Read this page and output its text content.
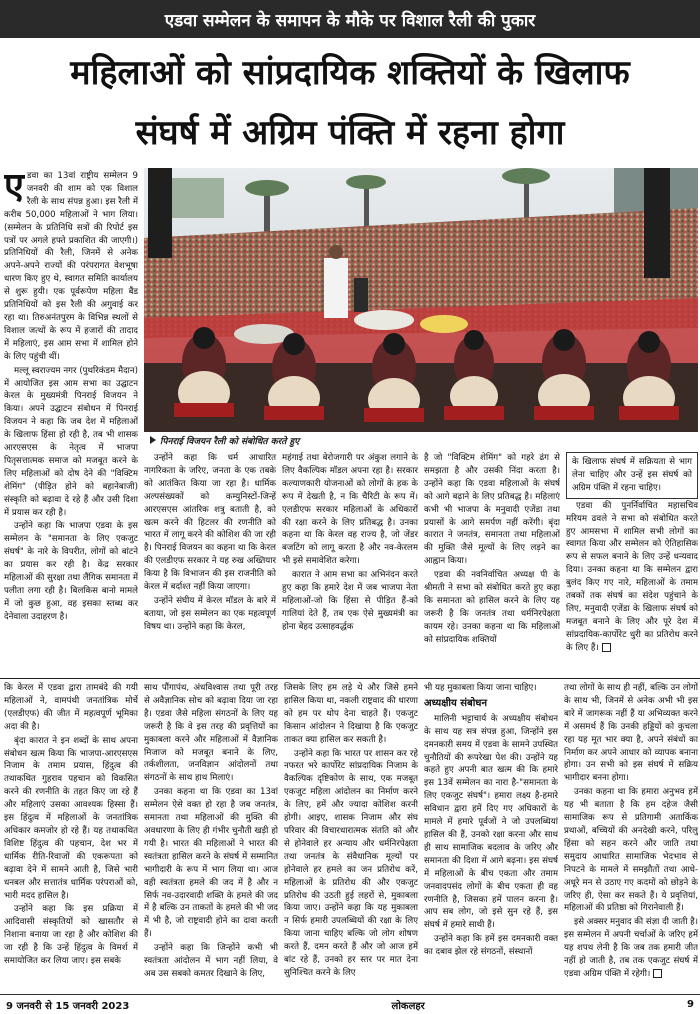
एडवा सम्मेलन के समापन के मौके पर विशाल रैली की पुकार
महिलाओं को सांप्रदायिक शक्तियों के खिलाफ
संघर्ष में अग्रिम पंक्ति में रहना होगा

एडवा का 13वां राष्ट्रीय सम्मेलन 9 जनवरी की शाम को एक विशाल रैली के साथ संपन्न हुआ। इस रैली में करीब 50,000 महिलाओं ने भाग लिया। (सम्मेलन के प्रतिनिधि सत्रों की रिपोर्ट इस पत्रों पर अगले हफ्ते प्रकाशित की जाएगी।) प्रतिनिधियों की रैली, जिनमें से अनेक अपने-अपने राज्यों की परंपरागत वेशभूषा धारण किए हुए थे, स्वागत समिति कार्यालय से शुरू हुयी। एक पूर्वरूपेण महिला बैंड प्रतिनिधियों को इस रैली की अगुवाई कर रहा था। तिरुअनंतपुरम के विभिन्न स्थलों से विशाल जत्थों के रूप में हजारों की तादाद में महिलाएं, इस आम सभा में शामिल होने के लिए पहुंची थीं।

मल्लू स्वराज्यम नगर (पुथरिकंडम मैदान) में आयोजित इस आम सभा का उद्घाटन केरल के मुख्यमंत्री पिनराई विजयन ने किया। अपने उद्घाटन संबोधन में पिनराई विजयन ने कहा कि जब देश में महिलाओं के खिलाफ हिंसा हो रही है, तब भी शासक आरएसएस के नेतृत्व में भाजपा पितृसत्तात्मक समाज को मजबूत करने के लिए महिलाओं को दोष देने की "विक्टिम शेमिंग" (पीड़ित होने को बहानेबाजी) संस्कृति को बढ़ावा दे रहे हैं और उसी दिशा में प्रयास कर रही है।

उन्होंने कहा कि भाजपा एडवा के इस सम्मेलन के "समानता के लिए एकजुट संघर्ष" के नारे के विपरीत, लोगों को बांटने का प्रयास कर रही है। केंद्र सरकार महिलाओं की सुरक्षा तथा लैंगिक समानता में पलीता लगा रही है। बिलकिस बानो मामले में जो कुछ हुआ, वह इसका स्तब्ध कर देनेवाला उदाहरण है।

पिनराई विजयन रैली को संबोधित करते हुए

उन्होंने कहा कि धर्म आधारित नागरिकता के जरिए, जनता के एक तबके को आतंकित किया जा रहा है। धार्मिक अल्पसंख्यकों को कम्युनिस्टों-जिन्हें आरएसएस आंतरिक शत्रु बताती है, को खत्म करने की हिटलर की रणनीति को भारत में लागू करने की कोशिश की जा रही है। पिनराई विजयन का कहना था कि केरल की एलडीएफ सरकार ने यह रुख अख्तियार किया है कि विभाजन की इस राजनीति को केरल में बर्दाश्त नहीं किया जाएगा।

उन्होंने संघीय में केरल मॉडल के बारे में बताया, जो इस सम्मेलन का एक महत्वपूर्ण विषय था। उन्होंने कहा कि केरल,

महंगाई तथा बेरोजगारी पर अंकुश लगाने के लिए वैकल्पिक मॉडल अपना रहा है। सरकार कल्याणकारी योजनाओं को लोगों के हक के रूप में देखती है, न कि चैरिटी के रूप में। एलडीएफ सरकार महिलाओं के अधिकारों की रक्षा करने के लिए प्रतिबद्ध है। उनका कहना था कि केरल वह राज्य है, जो जेंडर बजटिंग को लागू करता है और नव-केरलम भी इसे समावेशित करेगा।

कारात ने आम सभा का अभिनंदन करते हुए कहा कि हमारे देश में जब भाजपा नेता महिलाओं-जो कि हिंसा से पीड़ित हैं-को गालियां देते हैं, तब एक ऐसे मुख्यमंत्री का होना बेहद उत्साहवर्द्धक

है जो "विक्टिम शेमिंग" को गहरे ढंग से समझता है और उसकी निंदा करता है। उन्होंने कहा कि एडवा महिलाओं के संघर्ष को आगे बढ़ाने के लिए प्रतिबद्ध है। महिलाएं कभी भी भाजपा के मनुवादी एजेंडा तथा प्रयासों के आगे समर्पण नहीं करेंगी। बृंदा कारात ने जनतंत्र, समानता तथा महिलाओं की मुक्ति जैसे मूल्यों के लिए लड़ने का आह्वान किया।

एडवा की नवनिर्वाचित अध्यक्ष पी के श्रीमती ने सभा को संबोधित करते हुए कहा कि समानता को हासिल करने के लिए यह जरूरी है कि जनतंत्र तथा धर्मनिरपेक्षता कायम रहे। उनका कहना था कि महिलाओं को सांप्रदायिक शक्तियों

के खिलाफ संघर्ष में सक्रियता से भाग लेना चाहिए और उन्हें इस संघर्ष को अग्रिम पंक्ति में रहना चाहिए।

एडवा की पुनर्निर्वाचित महासचिव मरियम ढवले ने सभा को संबोधित करते हुए आमसभा में शामिल सभी लोगों का स्वागत किया और सम्मेलन को ऐतिहासिक रूप से सफल बनाने के लिए उन्हें धन्यवाद दिया। उनका कहना था कि सम्मेलन द्वारा बुलंद किए गए नारे, महिलाओं के तमाम तबकों तक संघर्ष का संदेश पहुंचाने के लिए, मनुवादी एजेंडा के खिलाफ संघर्ष को मजबूत बनाने के लिए और पूरे देश में सांप्रदायिक-कार्पोरेट धुरी का प्रतिरोध करने के लिए हैं।

कि केरल में एडवा द्वारा तामबंदे की गयी महिलाओं ने, वामपंथी जनतांत्रिक मोर्चे (एलडीएफ) की जीत में महत्वपूर्ण भूमिका अदा की है।

बृंदा कारात ने इन शब्दों के साथ अपना संबोधन खत्म किया कि भाजपा-आरएसएस निजाम के तमाम प्रयास, हिंदुत्व की तथाकथित गुहराव पहचान को विकसित करने की रणनीति के तहत किए जा रहे हैं और महिलाएं उसका आवश्यक हिस्सा हैं। इस हिंदुत्व में महिलाओं के जनतांत्रिक अधिकार कमजोर हो रहे हैं। यह तथाकथित विशिष्ट हिंदुत्व की पहचान, देश भर में धार्मिक रीति-रिवाजों की एकरूपता को बढ़ावा देने में सामने आती है, जिसे भारी धनबल और सत्तातंत्र धार्मिक परंपराओं को, भारी मदद हासिल है।

उन्होंने कहा कि इस प्रक्रिया में आदिवासी संस्कृतियों को खासतौर से निशाना बनाया जा रहा है और कोशिश की जा रही है कि उन्हें हिंदुत्व के विमर्श में समायोजित कर लिया जाए। इस सबके

साथ पौंगापंथ, अंधविश्वास तथा पूरी तरह से अवैज्ञानिक सोच को बढ़ावा दिया जा रहा है। एडवा जैसे महिला संगठनों के लिए यह जरूरी है कि वे इस तरह की प्रवृत्तियों का मुकाबला करने और महिलाओं में वैज्ञानिक मिजाज को मजबूत बनाने के लिए, तर्कशीलता, जनविज्ञान आंदोलनों तथा संगठनों के साथ हाथ मिलाएं।

उनका कहना था कि एडवा का 13वां सम्मेलन ऐसे वक्त हो रहा है जब जनतंत्र, समानता तथा महिलाओं की मुक्ति की अवधारणा के लिए ही गंभीर चुनौती खड़ी हो गयी है। भारत की महिलाओं ने भारत की स्वतंत्रता हासिल करने के संघर्ष में सम्मानित भागीदारी के रूप में भाग लिया था। आज वही स्वतंत्रता हमले की जद में है और न सिर्फ नव-उदारवादी शक्ति के हमले की जद में है बल्कि उन ताकतों के हमले की भी जद में भी है, जो राष्ट्रवादी होने का दावा करती हैं।

उन्होंने कहा कि जिन्होंने कभी भी स्वतंत्रता आंदोलन में भाग नहीं लिया, वे अब उस सबको कमतर दिखाने के लिए,

जिसके लिए हम लड़े थे और जिसे हमने हासिल किया था, नकली राष्ट्रवाद की धारणा को हम पर थोप देना चाहते हैं। एकजुट किसान आंदोलन ने दिखाया है कि एकजुट ताकत क्या हासिल कर सकती है।

उन्होंने कहा कि भारत पर शासन कर रहे नफरत भरे कार्पोरेट सांप्रदायिक निजाम के वैकल्पिक दृष्टिकोण के साथ, एक मजबूत एकजुट महिला आंदोलन का निर्माण करने के लिए, हमें और ज्यादा कोशिश करनी होगी। आइए, शासक निजाम और संघ परिवार की विचारधारात्मक संतति को और से होनेवाले हर अन्याय और धर्मनिरपेक्षता तथा जनतंत्र के संवैधानिक मूल्यों पर होनेवाले हर हमले का जन प्रतिरोध करें, महिलाओं के प्रतिरोध की और एकजुट प्रतिरोध की उठती हुई लहरों से, मुकाबला किया जाए। उन्होंने कहा कि यह मुकाबला न सिर्फ हमारी उपलब्धियों की रक्षा के लिए किया जाना चाहिए बल्कि जो लोग शोषण करते हैं, दमन करते हैं और जो आज हमें बांट रहे हैं, उनको हर स्तर पर मात देना सुनिश्चित करने के लिए

भी यह मुकाबला किया जाना चाहिए।

अध्यक्षीय संबोधन

मालिनी भट्टाचार्य के अध्यक्षीय संबोधन के साथ यह सत्र संपन्न हुआ, जिन्होंने इस दमनकारी समय में एडवा के सामने उपस्थित चुनौतियों की रूपरेखा पेश की। उन्होंने यह कहते हुए अपनी बात खत्म की कि हमारे इस 13वें सम्मेलन का नारा है-"समानता के लिए एकजुट संघर्ष"। हमारा लक्ष्य है-हमारे सविधान द्वारा हमें दिए गए अधिकारों के मामले में हमारे पूर्वजों ने जो उपलब्धियां हासिल की हैं, उनको रक्षा करना और साथ ही साथ सामाजिक बदलाव के जरिए और समानता की दिशा में आगे बढ़ना। इस संघर्ष में महिलाओं के बीच एकता और तमाम जनवादपसंद लोगों के बीच एकता ही वह रणनीति है, जिसका हमें पालन करना है। आप सब लोग, जो इसे सुन रहे हैं, इस संघर्ष में हमारे साथी हैं।

उन्होंने कहा कि हमें इस दमनकारी वक्त का दबाव झेल रहे संगठनों, संस्थानों

तथा लोगों के साथ ही नहीं, बल्कि उन लोगों के साथ भी, जिनमें से अनेक अभी भी इस बारे में जागरूक नहीं हैं या अभिव्यक्त करने में असमर्थ हैं कि उनकी हड्डियों को कुचला रहा यह मूत भार क्या है, अपने संबंधों का निर्माण कर अपने आधार को व्यापक बनाना होगा। उन सभी को इस संघर्ष में सक्रिय भागीदार बनना होगा।

उनका कहना था कि हमारा अनुभव हमें यह भी बताता है कि हम दहेज जैसी सामाजिक रूप से प्रतिगामी अतार्किक प्रथाओं, बच्चियों की अनदेखी करने, परिलु हिंसा को सहन करने और जाति तथा समुदाय आधारित सामाजिक भेदभाव से निपटने के मामले में समझौतों तथा आधे-अधूरे मन से उठाए गए कदमों को छोड़ने के जरिए ही, ऐसा कर सकते हैं। ये प्रवृत्तियां, महिलाओं की प्रतिष्ठा को गिरानेवाली हैं।

इसे अक्सर मनुवाद की संज्ञा दी जाती है। इस सम्मेलन में अपनी चर्चाओं के जरिए हमें यह शपथ लेनी है कि जब तक हमारी जीत नहीं हो जाती है, तब तक एकजुट संघर्ष में एडवा अग्रिम पंक्ति में रहेगी।

9 जनवरी से 15 जनवरी 2023	लोकलहर	9
